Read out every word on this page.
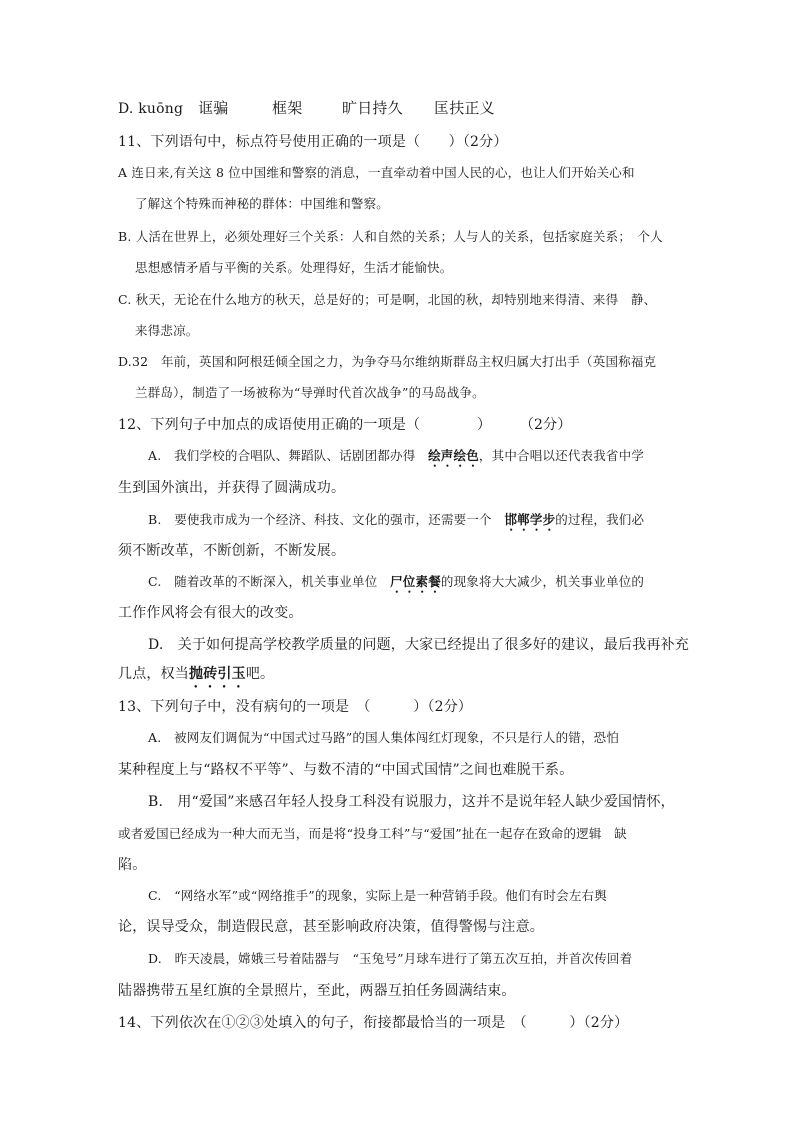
D. kuōng 诓骗	框架	旷日持久 匡扶正义
11、下列语句中，标点符号使用正确的一项是（　　）（2分）
A 连日来,有关这 8 位中国维和警察的消息，一直牵动着中国人民的心，也让人们开始关心和
了解这个特殊而神秘的群体：中国维和警察。
B. 人活在世界上，必须处理好三个关系：人和自然的关系；人与人的关系，包括家庭关系；　个人
思想感情矛盾与平衡的关系。处理得好，生活才能愉快。
C. 秋天，无论在什么地方的秋天，总是好的；可是啊，北国的秋，却特别地来得清、来得　静、
来得悲凉。
D.32　年前，英国和阿根廷倾全国之力，为争夺马尔维纳斯群岛主权归属大打出手（英国称福克
兰群岛），制造了一场被称为“导弹时代首次战争”的马岛战争。
12、下列句子中加点的成语使用正确的一项是（　　　　）　　　（2分）
A.　我们学校的合唱队、舞蹈队、话剧团都办得　绘声绘色，其中合唱以还代表我省中学
生到国外演出，并获得了圆满成功。
B.　要使我市成为一个经济、科技、文化的强市，还需要一个　邯郸学步的过程，我们必
须不断改革，不断创新，不断发展。
C.　随着改革的不断深入，机关事业单位　尸位素餐的现象将大大减少，机关事业单位的
工作作风将会有很大的改变。
D.　关于如何提高学校教学质量的问题，大家已经提出了很多好的建议，最后我再补充
几点，权当抛砖引玉吧。
13、下列句子中，没有病句的一项是　（　　　）（2分）
A.　被网友们调侃为“中国式过马路”的国人集体闯红灯现象，不只是行人的错，恐怕
某种程度上与“路权不平等”、与数不清的“中国式国情”之间也难脱干系。
B.　用“爱国”来感召年轻人投身工科没有说服力，这并不是说年轻人缺少爱国情怀，
或者爱国已经成为一种大而无当，而是将“投身工科”与“爱国”扯在一起存在致命的逻辑　缺
陷。
C.　“网络水军”或“网络推手”的现象，实际上是一种营销手段。他们有时会左右舆
论，误导受众，制造假民意，甚至影响政府决策，值得警惕与注意。
D.　昨天凌晨，嫦娥三号着陆器与　“玉兔号”月球车进行了第五次互拍，并首次传回着
陆器携带五星红旗的全景照片，至此，两器互拍任务圆满结束。
14、下列依次在①②③处填入的句子，衔接都最恰当的一项是　（　　　）（2分）
